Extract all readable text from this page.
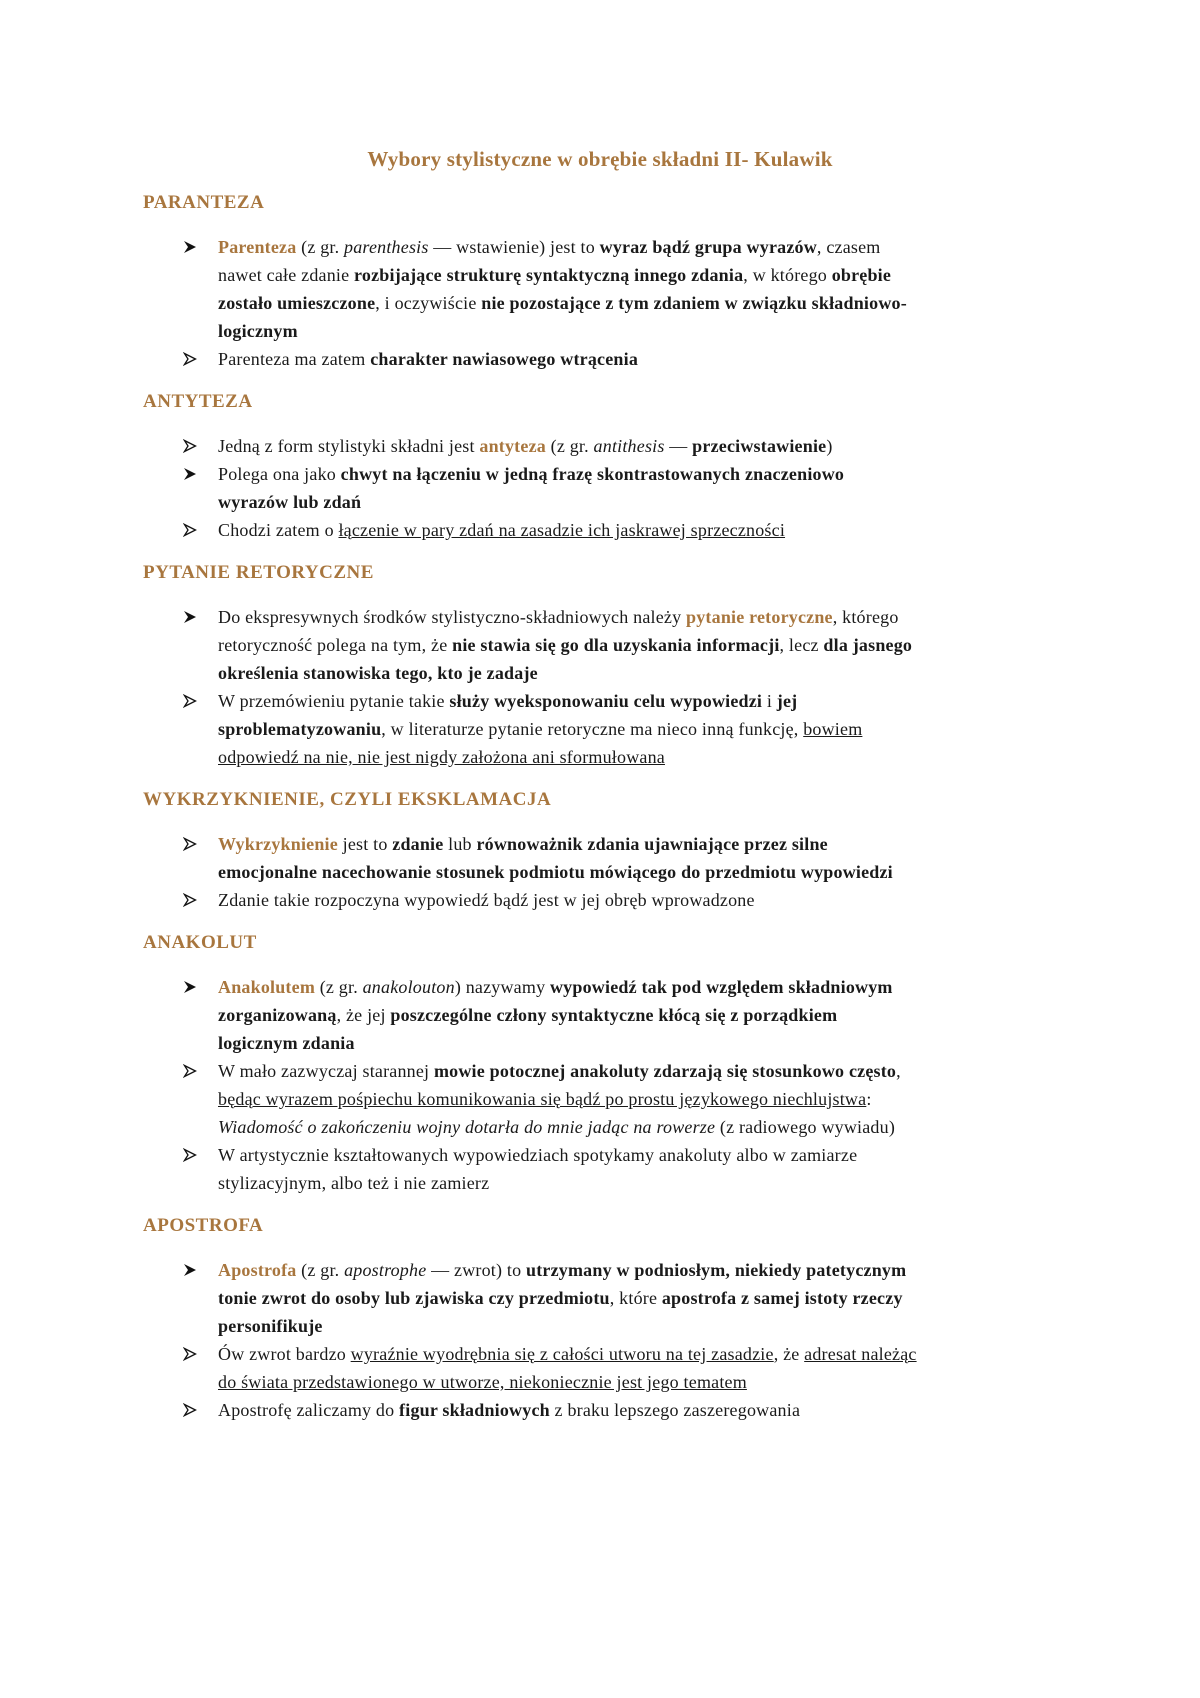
Wybory stylistyczne w obrębie składni II- Kulawik
PARANTEZA
Parenteza (z gr. parenthesis — wstawienie) jest to wyraz bądź grupa wyrazów, czasem
nawet całe zdanie rozbijające strukturę syntaktyczną innego zdania, w którego obrębie
zostało umieszczone, i oczywiście nie pozostające z tym zdaniem w związku składniowo-
logicznym
Parenteza ma zatem charakter nawiasowego wtrącenia
ANTYTEZA
Jedną z form stylistyki składni jest antyteza (z gr. antithesis — przeciwstawienie)
Polega ona jako chwyt na łączeniu w jedną frazę skontrastowanych znaczeniowo
wyrazów lub zdań
Chodzi zatem o łączenie w pary zdań na zasadzie ich jaskrawej sprzeczności
PYTANIE RETORYCZNE
Do ekspresywnych środków stylistyczno-składniowych należy pytanie retoryczne, którego
retoryczność polega na tym, że nie stawia się go dla uzyskania informacji, lecz dla jasnego
określenia stanowiska tego, kto je zadaje
W przemówieniu pytanie takie służy wyeksponowaniu celu wypowiedzi i jej
sproblematyzowaniu, w literaturze pytanie retoryczne ma nieco inną funkcję, bowiem
odpowiedź na nie, nie jest nigdy założona ani sformułowana
WYKRZYKNIENIE, CZYLI EKSKLAMACJA
Wykrzyknienie jest to zdanie lub równoważnik zdania ujawniające przez silne
emocjonalne nacechowanie stosunek podmiotu mówiącego do przedmiotu wypowiedzi
Zdanie takie rozpoczyna wypowiedź bądź jest w jej obręb wprowadzone
ANAKOLUT
Anakolutem (z gr. anakolouton) nazywamy wypowiedź tak pod względem składniowym
zorganizowaną, że jej poszczególne człony syntaktyczne kłócą się z porządkiem
logicznym zdania
W mało zazwyczaj starannej mowie potocznej anakoluty zdarzają się stosunkowo często,
będąc wyrazem pośpiechu komunikowania się bądź po prostu językowego niechlujstwa:
Wiadomość o zakończeniu wojny dotarła do mnie jadąc na rowerze (z radiowego wywiadu)
W artystycznie kształtowanych wypowiedziach spotykamy anakoluty albo w zamiarze
stylizacyjnym, albo też i nie zamierz
APOSTROFA
Apostrofa (z gr. apostrophe — zwrot) to utrzymany w podniosłym, niekiedy patetycznym
tonie zwrot do osoby lub zjawiska czy przedmiotu, które apostrofa z samej istoty rzeczy
personifikuje
Ów zwrot bardzo wyraźnie wyodrębnia się z całości utworu na tej zasadzie, że adresat należąc
do świata przedstawionego w utworze, niekoniecznie jest jego tematem
Apostrofę zaliczamy do figur składniowych z braku lepszego zaszeregowania
